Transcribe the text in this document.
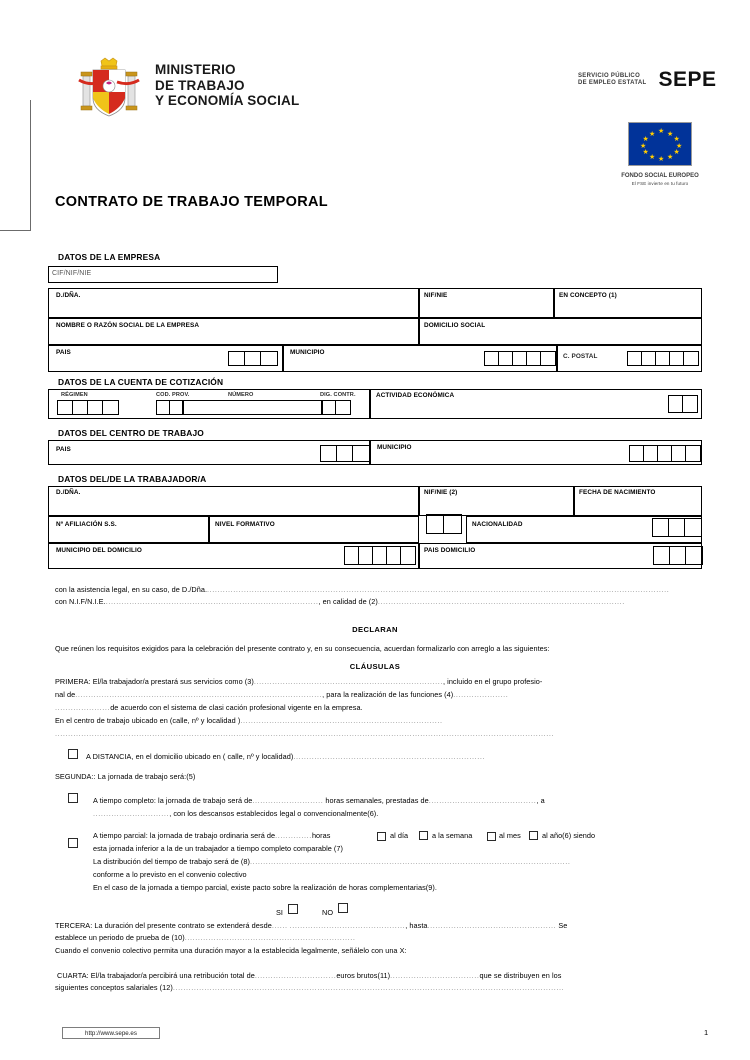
MINISTERIO
DE TRABAJO
Y ECONOMÍA SOCIAL
SERVICIO PÚBLICO
DE EMPLEO ESTATAL SEPE
★
★ ★
★	★
★	★
★	★
★ ★
★
FONDO SOCIAL EUROPEO
El FSE invierte en tu futuro
CONTRATO DE TRABAJO TEMPORAL
DATOS DE LA EMPRESA
CIF/NIF/NIE
D./DÑA.	NIF/NIE	EN CONCEPTO (1)
NOMBRE O RAZÓN SOCIAL DE LA EMPRESA	DOMICILIO SOCIAL
PAIS	MUNICIPIO
C. POSTAL
DATOS DE LA CUENTA DE COTIZACIÓN
RÉGIMEN	COD. PROV.	NÚMERO	DIG. CONTR.	ACTIVIDAD ECONÓMICA
DATOS DEL CENTRO DE TRABAJO
PAIS	MUNICIPIO
DATOS DEL/DE LA TRABAJADOR/A
D./DÑA.	NIF/NIE (2)	FECHA DE NACIMIENTO
Nº AFILIACIÓN S.S.	NIVEL FORMATIVO	NACIONALIDAD
MUNICIPIO DEL DOMICILIO	PAIS DOMICILIO
con la asistencia legal, en su caso, de D./Dña.................................................................................................................................................................................
con N.I.F/N.I.E.................................................................................., en calidad de (2)..............................................................................................
DECLARAN
Que reúnen los requisitos exigidos para la celebración del presente contrato y, en su consecuencia, acuerdan formalizarlo con arreglo a las siguientes:
CLÁUSULAS
PRIMERA: El/la trabajador/a prestará sus servicios como (3)........................................................................, incluido en el grupo profesio-
nal de.............................................................................................., para la realización de las funciones (4).....................
.....................de acuerdo con el sistema de clasi cación profesional vigente en la empresa.
En el centro de trabajo ubicado en (calle, nº y localidad ).............................................................................
..............................................................................................................................................................................................
A DISTANCIA, en el domicilio ubicado en ( calle, nº y localidad).........................................................................
SEGUNDA:: La jornada de trabajo será:(5)
A tiempo completo: la jornada de trabajo será de........................... horas semanales, prestadas de........................................., a
............................., con los descansos establecidos legal o convencionalmente(6).
A tiempo parcial: la jornada de trabajo ordinaria será de..............horas	al día	a la semana	al mes	al año(6) siendo
esta jornada inferior a la de un trabajador a tiempo completo comparable (7)
La distribución del tiempo de trabajo será de (8)..........................................................................................................................
conforme a lo previsto en el convenio colectivo
En el caso de la jornada a tiempo parcial, existe pacto sobre la realización de horas complementarias(9).
SI	NO
TERCERA: La duración del presente contrato se extenderá desde...... ............................................, hasta................................................. Se
establece un periodo de prueba de (10).................................................................
Cuando el convenio colectivo permita una duración mayor a la establecida legalmente, señálelo con una X:
CUARTA: El/la trabajador/a percibirá una retribución total de...............................euros brutos(11)..................................que se distribuyen en los
siguientes conceptos salariales (12).....................................................................................................................................................
http://www.sepe.es	1
